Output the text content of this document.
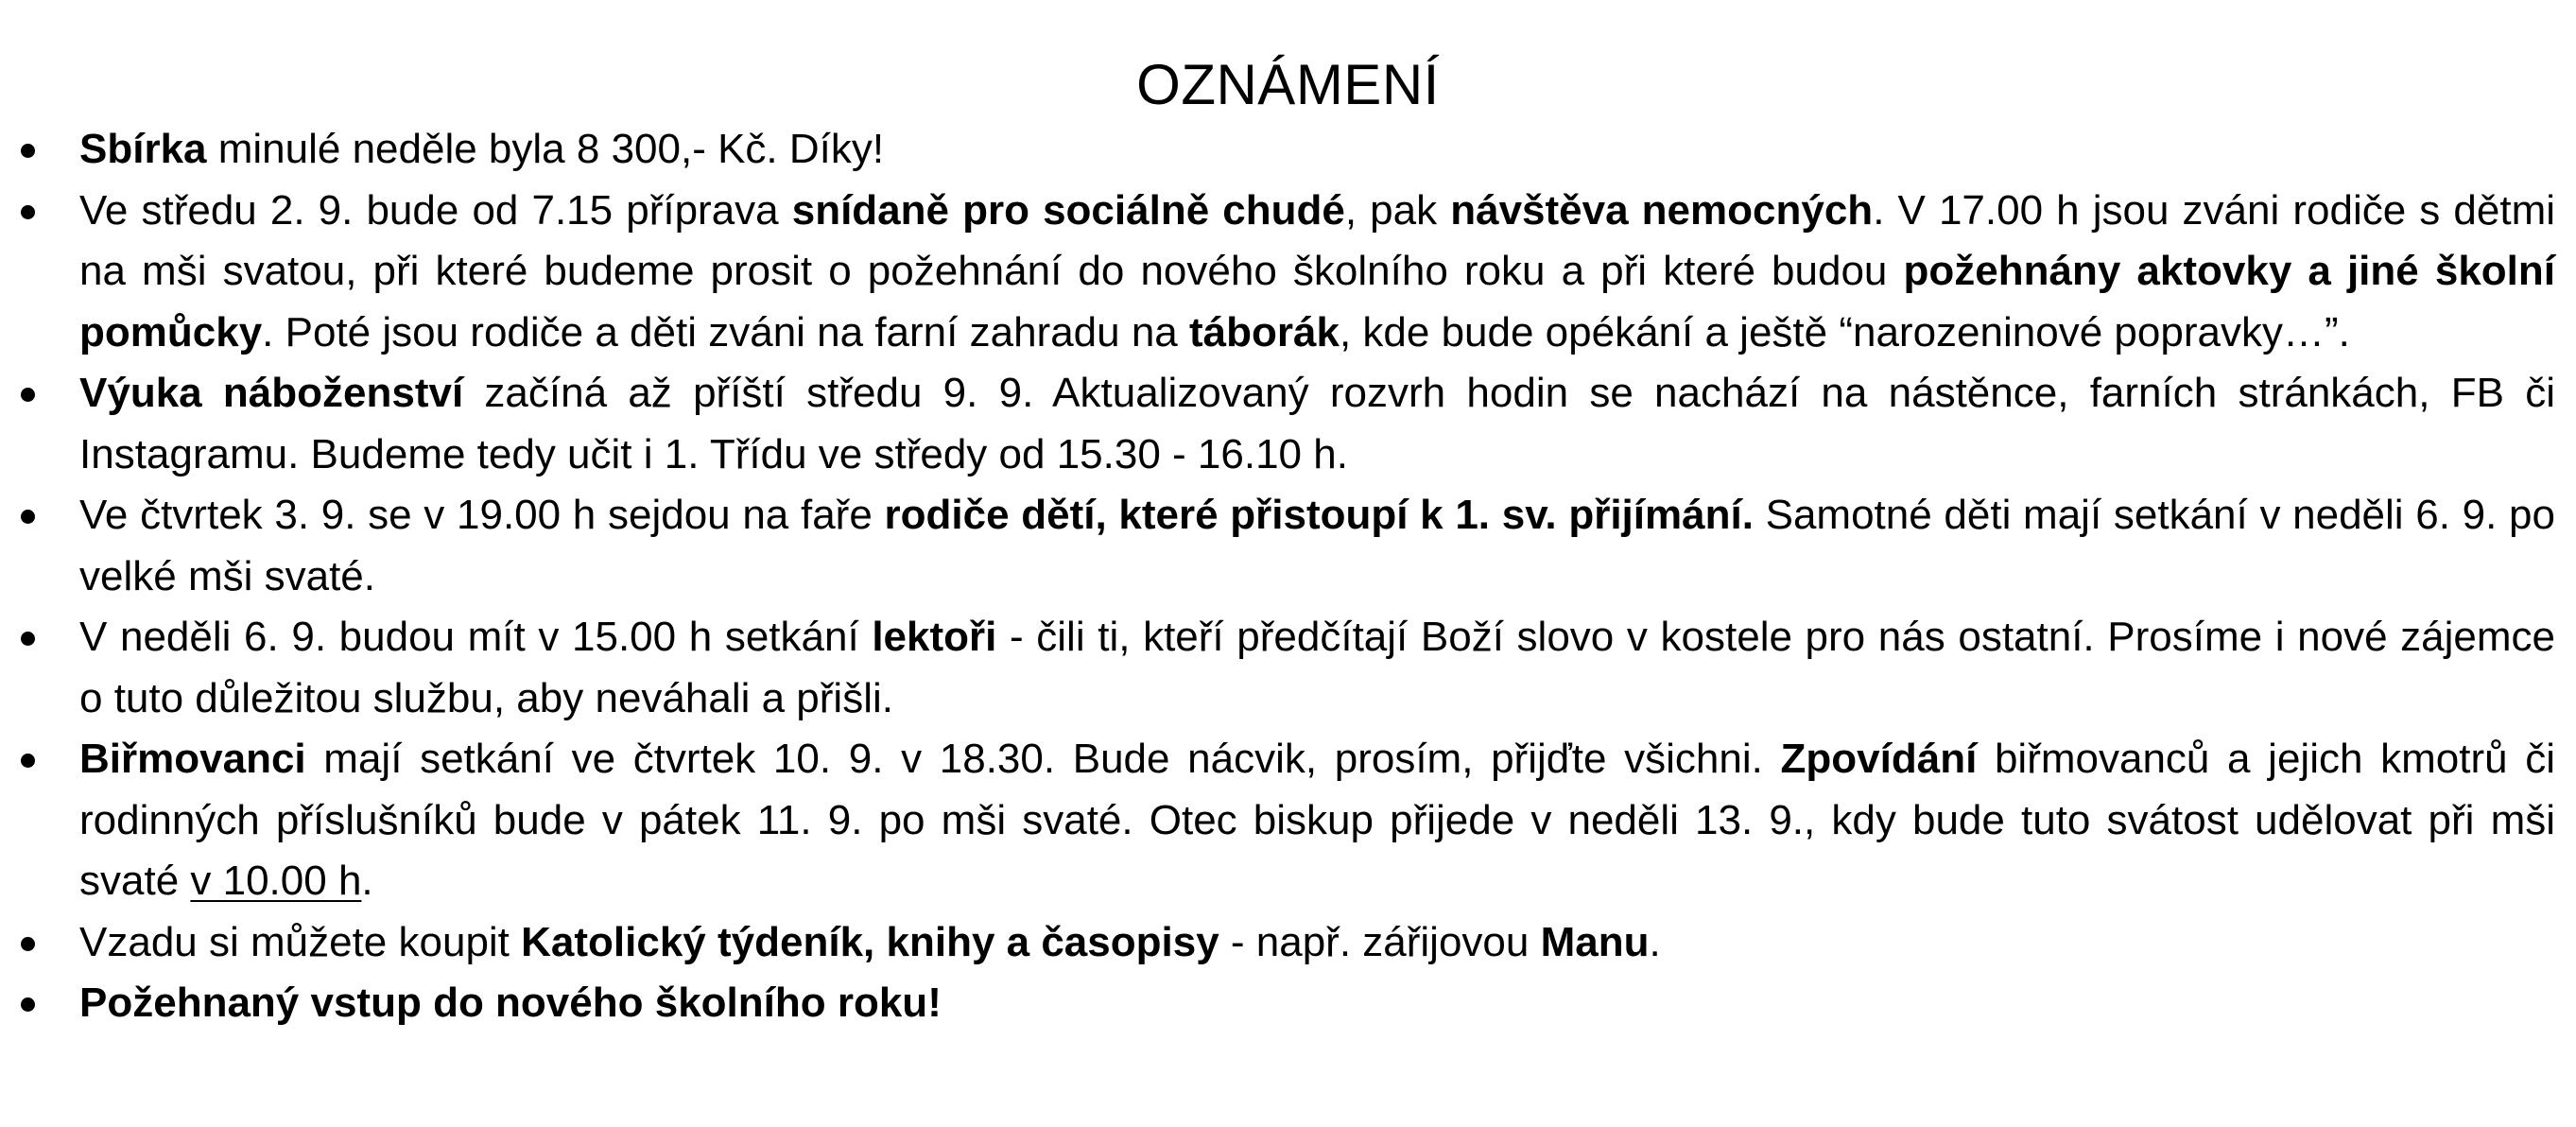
OZNÁMENÍ
Sbírka minulé neděle byla 8 300,- Kč. Díky!
Ve středu 2. 9. bude od 7.15 příprava snídaně pro sociálně chudé, pak návštěva nemocných. V 17.00 h jsou zváni rodiče s dětmi na mši svatou, při které budeme prosit o požehnání do nového školního roku a při které budou požehnány aktovky a jiné školní pomůcky. Poté jsou rodiče a děti zváni na farní zahradu na táborák, kde bude opékání a ještě “narozeninové popravky…”.
Výuka náboženství začíná až příští středu 9. 9. Aktualizovaný rozvrh hodin se nachází na nástěnce, farních stránkách, FB či Instagramu. Budeme tedy učit i 1. Třídu ve středy od 15.30 - 16.10 h.
Ve čtvrtek 3. 9. se v 19.00 h sejdou na faře rodiče dětí, které přistoupí k 1. sv. přijímání. Samotné děti mají setkání v neděli 6. 9. po velké mši svaté.
V neděli 6. 9. budou mít v 15.00 h setkání lektoři - čili ti, kteří předčítají Boží slovo v kostele pro nás ostatní. Prosíme i nové zájemce o tuto důležitou službu, aby neváhali a přišli.
Biřmovanci mají setkání ve čtvrtek 10. 9. v 18.30. Bude nácvik, prosím, přijďte všichni. Zpovídání biřmovanců a jejich kmotrů či rodinných příslušníků bude v pátek 11. 9. po mši svaté. Otec biskup přijede v neděli 13. 9., kdy bude tuto svátost udělovat při mši svaté v 10.00 h.
Vzadu si můžete koupit Katolický týdeník, knihy a časopisy - např. zářijovou Manu.
Požehnaný vstup do nového školního roku!
